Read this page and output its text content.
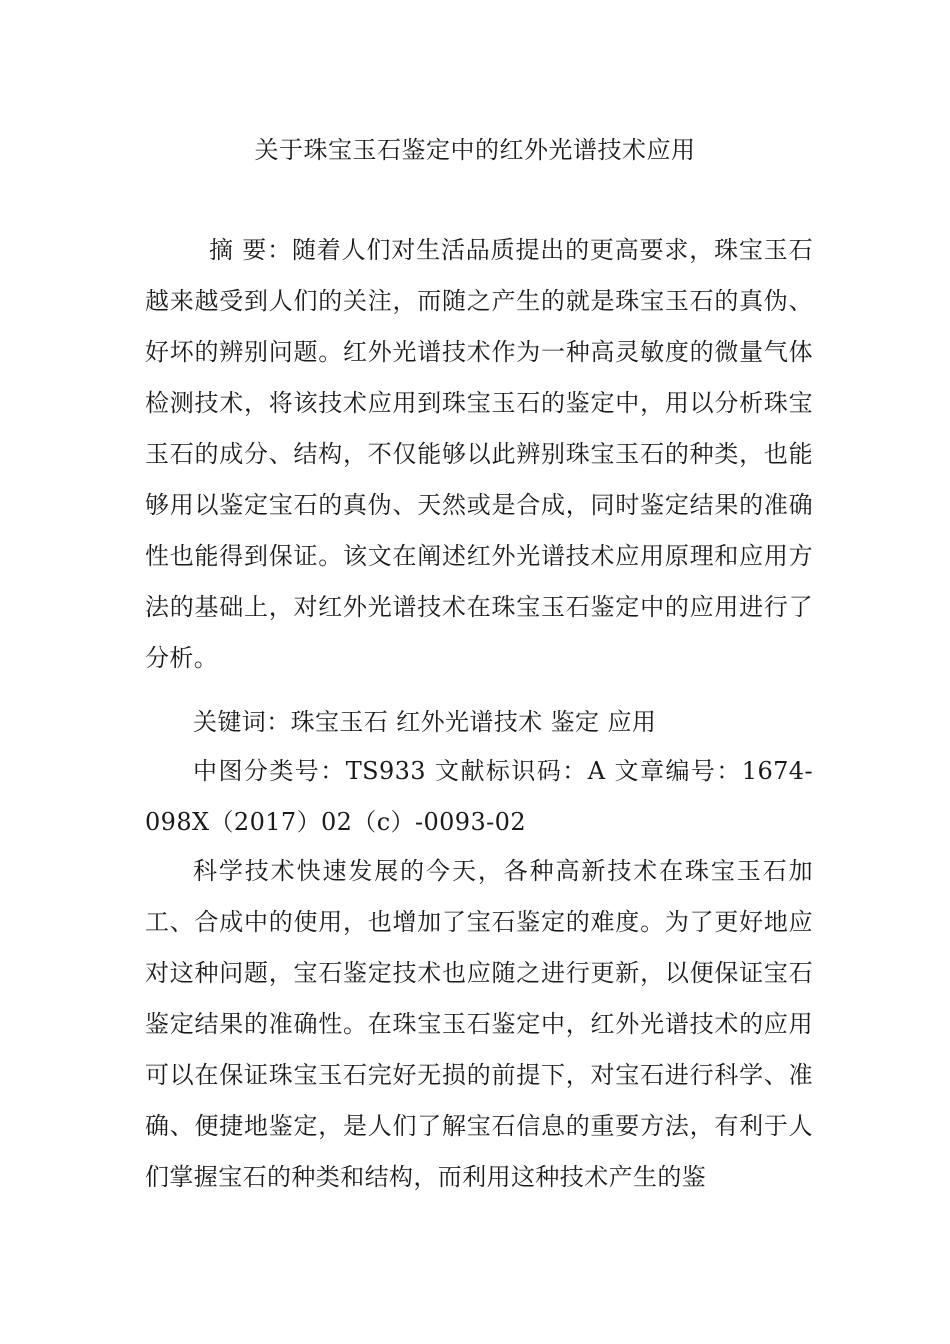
关于珠宝玉石鉴定中的红外光谱技术应用
摘 要：随着人们对生活品质提出的更高要求，珠宝玉石越来越受到人们的关注，而随之产生的就是珠宝玉石的真伪、好坏的辨别问题。红外光谱技术作为一种高灵敏度的微量气体检测技术，将该技术应用到珠宝玉石的鉴定中，用以分析珠宝玉石的成分、结构，不仅能够以此辨别珠宝玉石的种类，也能够用以鉴定宝石的真伪、天然或是合成，同时鉴定结果的准确性也能得到保证。该文在阐述红外光谱技术应用原理和应用方法的基础上，对红外光谱技术在珠宝玉石鉴定中的应用进行了分析。
关键词：珠宝玉石 红外光谱技术 鉴定 应用
中图分类号：TS933 文献标识码：A 文章编号：1674-098X（2017）02（c）-0093-02
科学技术快速发展的今天，各种高新技术在珠宝玉石加工、合成中的使用，也增加了宝石鉴定的难度。为了更好地应对这种问题，宝石鉴定技术也应随之进行更新，以便保证宝石鉴定结果的准确性。在珠宝玉石鉴定中，红外光谱技术的应用可以在保证珠宝玉石完好无损的前提下，对宝石进行科学、准确、便捷地鉴定，是人们了解宝石信息的重要方法，有利于人们掌握宝石的种类和结构，而利用这种技术产生的鉴
